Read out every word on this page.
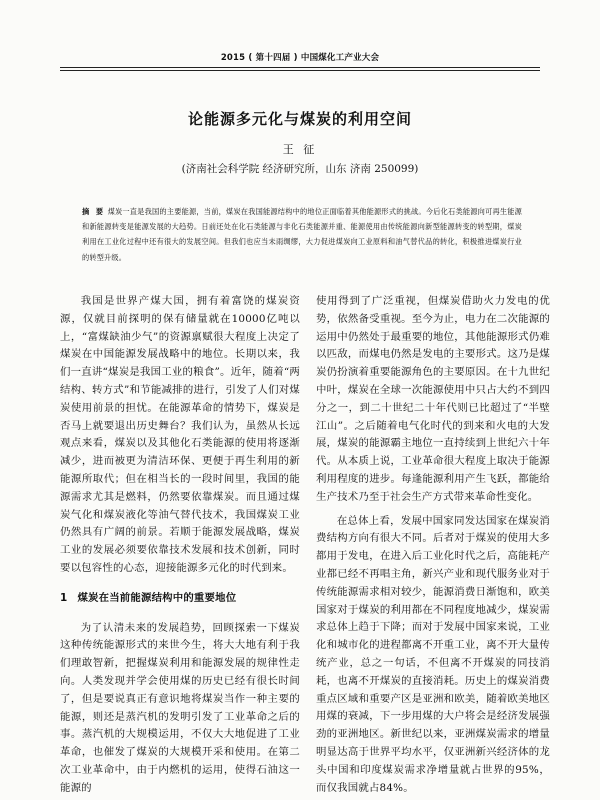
2015 ( 第十四届 ) 中国煤化工产业大会
论能源多元化与煤炭的利用空间
王 征
(济南社会科学院 经济研究所，山东 济南 250099)
摘 要 煤炭一直是我国的主要能源，当前，煤炭在我国能源结构中的地位正面临着其他能源形式的挑战。今后化石类能源向可再生能源和新能源转变是能源发展的大趋势。日前还处在化石类能源与非化石类能源并重、能源使用由传统能源向新型能源转变的转型期，煤炭利用在工业化过程中还有很大的发展空间。但我们也应当未雨绸缪，大力促进煤炭向工业原料和油气替代品的转化，积极推进煤炭行业的转型升级。

我国是世界产煤大国，拥有着富饶的煤炭资源，仅就目前探明的保有储量就在10000亿吨以上，“富煤缺油少气”的资源禀赋很大程度上决定了煤炭在中国能源发展战略中的地位。长期以来，我们一直讲“煤炭是我国工业的粮食”。近年，随着“两结构、转方式”和节能减排的进行，引发了人们对煤炭使用前景的担忧。在能源革命的情势下，煤炭是否马上就要退出历史舞台？我们认为，虽然从长远观点来看，煤炭以及其他化石类能源的使用将逐渐减少，进而被更为清洁环保、更便于再生利用的新能源所取代；但在相当长的一段时间里，我国的能源需求尤其是燃料，仍然要依靠煤炭。而且通过煤炭气化和煤炭液化等油气替代技术，我国煤炭工业仍然具有广阔的前景。若顺于能源发展战略，煤炭工业的发展必须要依靠技术发展和技术创新，同时要以包容性的心态，迎接能源多元化的时代到来。

1 煤炭在当前能源结构中的重要地位

为了认清未来的发展趋势，回顾探索一下煤炭这种传统能源形式的来世今生，将大大地有利于我们理敢智新，把握煤炭利用和能源发展的规律性走向。人类发现并学会使用煤的历史已经有很长时间了，但是要说真正有意识地将煤炭当作一种主要的能源，则还是蒸汽机的发明引发了工业革命之后的事。蒸汽机的大规模运用，不仅大大地促进了工业革命，也催发了煤炭的大规模开采和使用。在第二次工业革命中，由于内燃机的运用，使得石油这一能源的

使用得到了广泛重视，但煤炭借助火力发电的优势，依然备受重视。至今为止，电力在二次能源的运用中仍然处于最重要的地位，其他能源形式仍难以匹敌，而煤电仍然是发电的主要形式。这乃是煤炭仍扮演着重要能源角色的主要原因。在十九世纪中叶，煤炭在全球一次能源使用中只占大约不到四分之一，到二十世纪二十年代则已比超过了“半壁江山”。之后随着电气化时代的到来和火电的大发展，煤炭的能源霸主地位一直持续到上世纪六十年代。从本质上说，工业革命很大程度上取决于能源利用程度的进步。每逢能源利用产生飞跃，都能给生产技术乃至于社会生产方式带来革命性变化。

在总体上看，发展中国家同发达国家在煤炭消费结构方向有很大不同。后者对于煤炭的使用大多都用于发电，在进入后工业化时代之后，高能耗产业都已经不再唱主角，新兴产业和现代服务业对于传统能源需求相对较少，能源消费日渐饱和，欧美国家对于煤炭的利用都在不同程度地减少，煤炭需求总体上趋于下降；而对于发展中国家来说，工业化和城市化的进程都离不开重工业，离不开大量传统产业，总之一句话，不但离不开煤炭的同技消耗，也离不开煤炭的直接消耗。历史上的煤炭消费重点区域和重要产区是亚洲和欧美，随着欧美地区用煤的衰减，下一步用煤的大户将会是经济发展强劲的亚洲地区。新世纪以来，亚洲煤炭需求的增量明显达高于世界平均水平，仅亚洲新兴经济体的龙头中国和印度煤炭需求净增量就占世界的95%，而仅我国就占84%。
